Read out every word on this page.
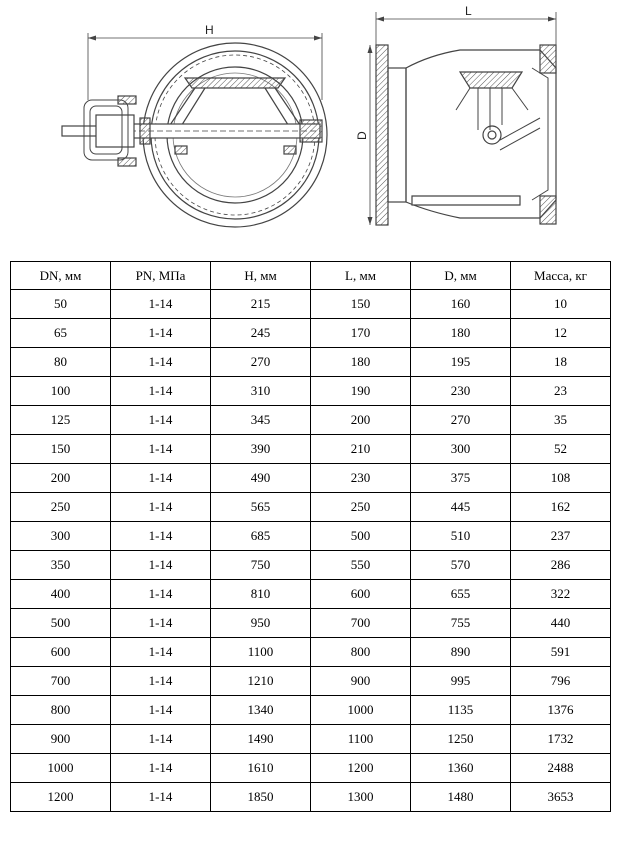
H
L
D
DN, мм	PN, МПа	H, мм	L, мм	D, мм	Масса, кг
50	1-14	215	150	160	10
65	1-14	245	170	180	12
80	1-14	270	180	195	18
100	1-14	310	190	230	23
125	1-14	345	200	270	35
150	1-14	390	210	300	52
200	1-14	490	230	375	108
250	1-14	565	250	445	162
300	1-14	685	500	510	237
350	1-14	750	550	570	286
400	1-14	810	600	655	322
500	1-14	950	700	755	440
600	1-14	1100	800	890	591
700	1-14	1210	900	995	796
800	1-14	1340	1000	1135	1376
900	1-14	1490	1100	1250	1732
1000	1-14	1610	1200	1360	2488
1200	1-14	1850	1300	1480	3653
